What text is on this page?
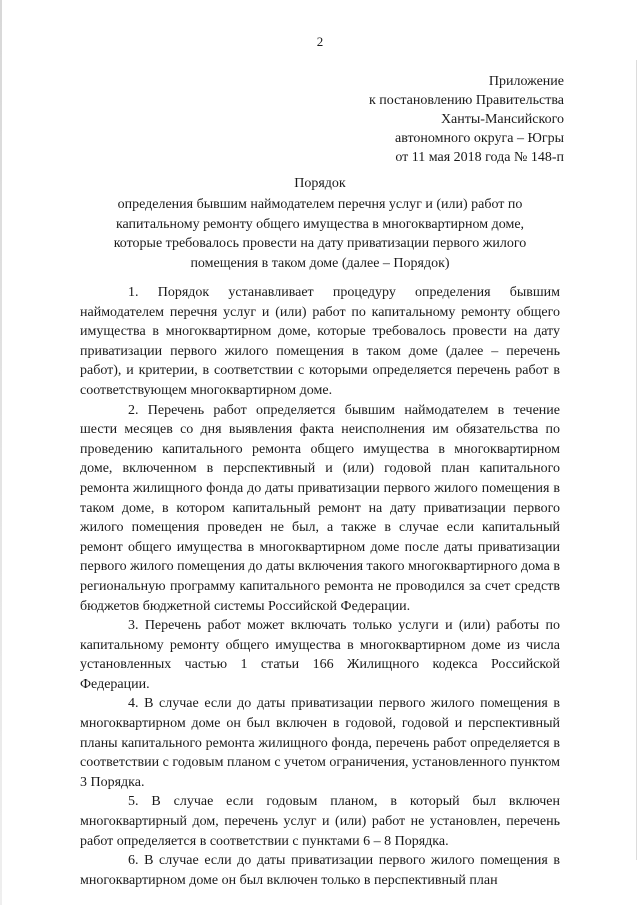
2
Приложение
к постановлению Правительства
Ханты-Мансийского
автономного округа – Югры
от 11 мая 2018 года № 148-п
Порядок
определения бывшим наймодателем перечня услуг и (или) работ по капитальному ремонту общего имущества в многоквартирном доме, которые требовалось провести на дату приватизации первого жилого помещения в таком доме (далее – Порядок)

1. Порядок устанавливает процедуру определения бывшим наймодателем перечня услуг и (или) работ по капитальному ремонту общего имущества в многоквартирном доме, которые требовалось провести на дату приватизации первого жилого помещения в таком доме (далее – перечень работ), и критерии, в соответствии с которыми определяется перечень работ в соответствующем многоквартирном доме.

2. Перечень работ определяется бывшим наймодателем в течение шести месяцев со дня выявления факта неисполнения им обязательства по проведению капитального ремонта общего имущества в многоквартирном доме, включенном в перспективный и (или) годовой план капитального ремонта жилищного фонда до даты приватизации первого жилого помещения в таком доме, в котором капитальный ремонт на дату приватизации первого жилого помещения проведен не был, а также в случае если капитальный ремонт общего имущества в многоквартирном доме после даты приватизации первого жилого помещения до даты включения такого многоквартирного дома в региональную программу капитального ремонта не проводился за счет средств бюджетов бюджетной системы Российской Федерации.

3. Перечень работ может включать только услуги и (или) работы по капитальному ремонту общего имущества в многоквартирном доме из числа установленных частью 1 статьи 166 Жилищного кодекса Российской Федерации.

4. В случае если до даты приватизации первого жилого помещения в многоквартирном доме он был включен в годовой, годовой и перспективный планы капитального ремонта жилищного фонда, перечень работ определяется в соответствии с годовым планом с учетом ограничения, установленного пунктом 3 Порядка.

5. В случае если годовым планом, в который был включен многоквартирный дом, перечень услуг и (или) работ не установлен, перечень работ определяется в соответствии с пунктами 6 – 8 Порядка.

6. В случае если до даты приватизации первого жилого помещения в многоквартирном доме он был включен только в перспективный план
